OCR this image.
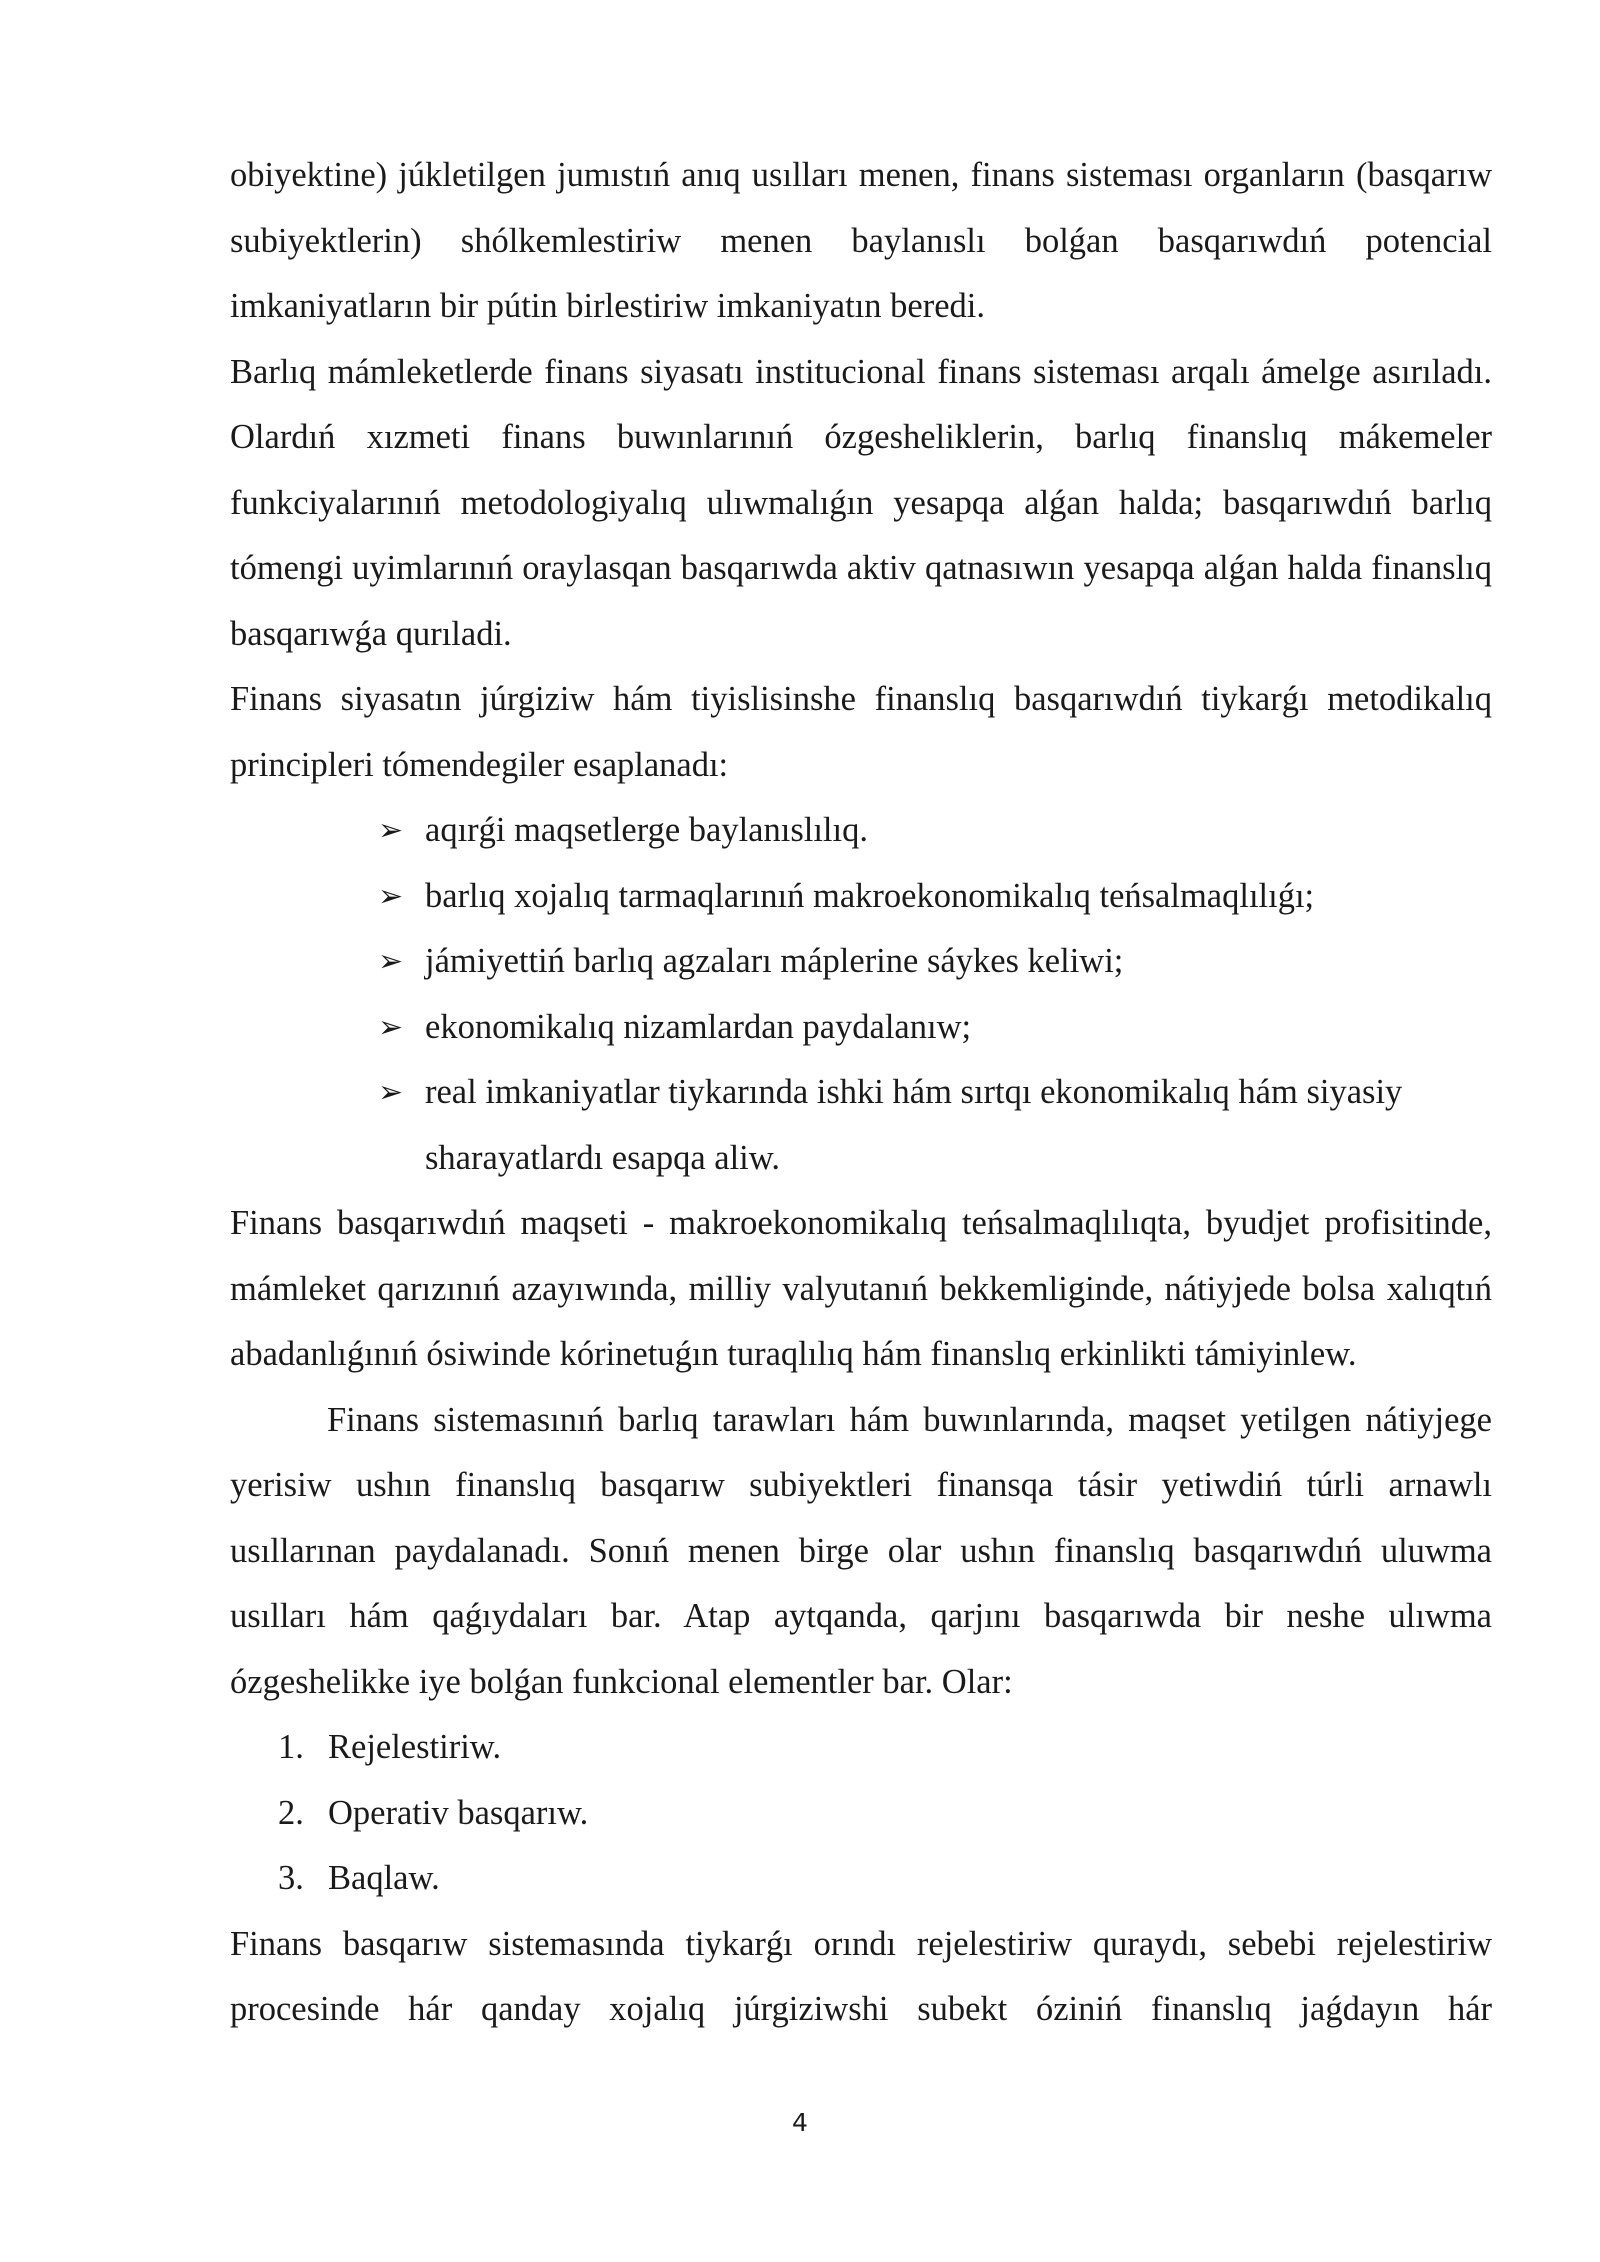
obiyektine) júkletilgen jumıstıń anıq usılları menen, finans sisteması organların (basqarıw subiyektlerin) shólkemlestiriw menen baylanıslı bolǵan basqarıwdıń potencial imkaniyatların bir pútin birlestiriw imkaniyatın beredi.

Barlıq mámleketlerde finans siyasatı institucional finans sisteması arqalı ámelge asırıladı. Olardıń xızmeti finans buwınlarınıń ózgesheliklerin, barlıq finanslıq mákemeler funkciyalarınıń metodologiyalıq ulıwmalıǵın yesapqa alǵan halda; basqarıwdıń barlıq tómengi uyimlarınıń oraylasqan basqarıwda aktiv qatnasıwın yesapqa alǵan halda finanslıq basqarıwǵa qurıladi.

Finans siyasatın júrgiziw hám tiyislisinshe finanslıq basqarıwdıń tiykarǵı metodikalıq principleri tómendegiler esaplanadı:

➢ aqırǵi maqsetlerge baylanıslılıq.
➢ barlıq xojalıq tarmaqlarınıń makroekonomikalıq teńsalmaqlılıǵı;
➢ jámiyettiń barlıq agzaları máplerine sáykes keliwi;
➢ ekonomikalıq nizamlardan paydalanıw;
➢ real imkaniyatlar tiykarında ishki hám sırtqı ekonomikalıq hám siyasiy sharayatlardı esapqa aliw.

Finans basqarıwdıń maqseti - makroekonomikalıq teńsalmaqlılıqta, byudjet profisitinde, mámleket qarızınıń azayıwında, milliy valyutanıń bekkemliginde, nátiyjede bolsa xalıqtıń abadanlıǵınıń ósiwinde kórinetuǵın turaqlılıq hám finanslıq erkinlikti támiyinlew.

Finans sistemasınıń barlıq tarawları hám buwınlarında, maqset yetilgen nátiyjege yerisiw ushın finanslıq basqarıw subiyektleri finansqa tásir yetiwdiń túrli arnawlı usıllarınan paydalanadı. Sonıń menen birge olar ushın finanslıq basqarıwdıń uluwma usılları hám qaǵıydaları bar. Atap aytqanda, qarjını basqarıwda bir neshe ulıwma ózgeshelikke iye bolǵan funkcional elementler bar. Olar:

1. Rejelestiriw.
2. Operativ basqarıw.
3. Baqlaw.

Finans basqarıw sistemasında tiykarǵı orındı rejelestiriw quraydı, sebebi rejelestiriw procesinde hár qanday xojalıq júrgiziwshi subekt óziniń finanslıq jaǵdayın hár

4
